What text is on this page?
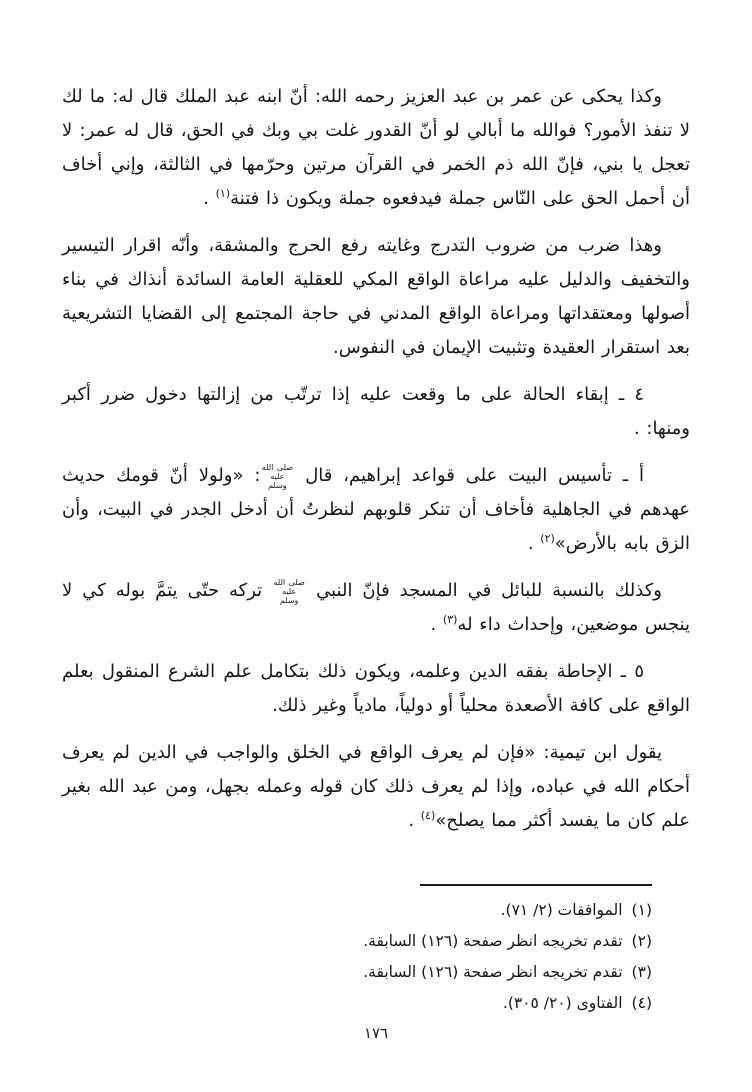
وكذا يحكى عن عمر بن عبد العزيز رحمه الله: أنّ ابنه عبد الملك قال له: ما لك لا تنفذ الأمور؟ فوالله ما أبالي لو أنّ القدور غلت بي وبك في الحق، قال له عمر: لا تعجل يا بني، فإنّ الله ذم الخمر في القرآن مرتين وحرّمها في الثالثة، وإني أخاف أن أحمل الحق على النّاس جملة فيدفعوه جملة ويكون ذا فتنة$^{(١)}$ .

وهذا ضرب من ضروب التدرج وغايته رفع الحرج والمشقة، وأنّه اقرار التيسير والتخفيف والدليل عليه مراعاة الواقع المكي للعقلية العامة السائدة أنذاك في بناء أصولها ومعتقداتها ومراعاة الواقع المدني في حاجة المجتمع إلى القضايا التشريعية بعد استقرار العقيدة وتثبيت الإيمان في النفوس.

٤ ـ إبقاء الحالة على ما وقعت عليه إذا ترتّب من إزالتها دخول ضرر أكبر ومنها: .

أ ـ تأسيس البيت على قواعد إبراهيم، قال صلى الله عليه وسلم: «ولولا أنّ قومك حديث عهدهم في الجاهلية فأخاف أن تنكر قلوبهم لنظرتُ أن أدخل الجدر في البيت، وأن الزق بابه بالأرض»$^{(٢)}$ .

وكذلك بالنسبة للبائل في المسجد فإنّ النبي صلى الله عليه وسلم تركه حتّى يتمَّ بوله كي لا ينجس موضعين، وإحداث داء له$^{(٣)}$ .

٥ ـ الإحاطة بفقه الدين وعلمه، ويكون ذلك بتكامل علم الشرع المنقول بعلم الواقع على كافة الأصعدة محلياً أو دولياً، مادياً وغير ذلك.

يقول ابن تيمية: «فإن لم يعرف الواقع في الخلق والواجب في الدين لم يعرف أحكام الله في عباده، وإذا لم يعرف ذلك كان قوله وعمله بجهل، ومن عبد الله بغير علم كان ما يفسد أكثر مما يصلح»$^{(٤)}$ .

(١)
الموافقات (٢/ ٧١).
(٢)
تقدم تخريجه انظر صفحة (١٢٦) السابقة.
(٣)
تقدم تخريجه انظر صفحة (١٢٦) السابقة.
(٤)
الفتاوى (٢٠/ ٣٠٥).
١٧٦
